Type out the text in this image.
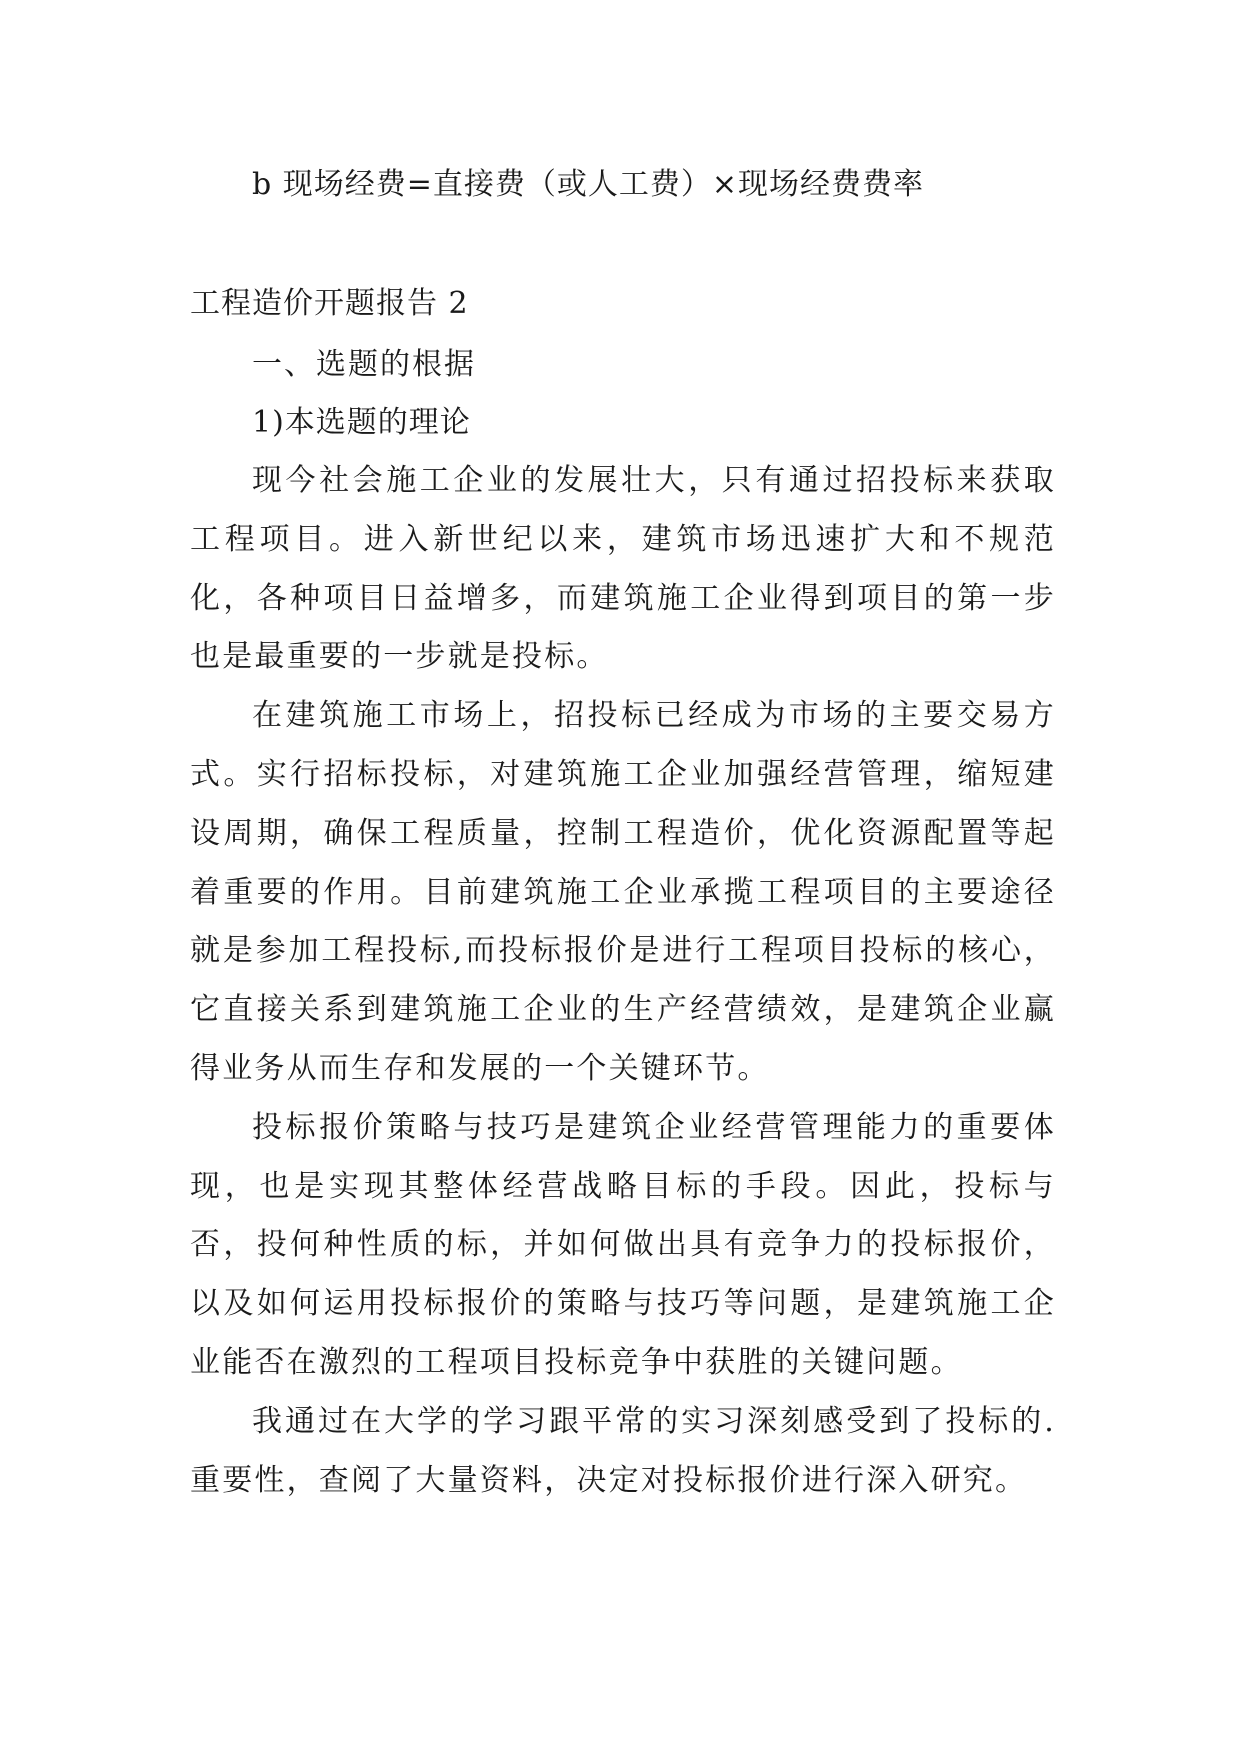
b 现场经费=直接费（或人工费）×现场经费费率
工程造价开题报告 2
一、选题的根据
1)本选题的理论

现今社会施工企业的发展壮大，只有通过招投标来获取工程项目。进入新世纪以来，建筑市场迅速扩大和不规范化，各种项目日益增多，而建筑施工企业得到项目的第一步也是最重要的一步就是投标。

在建筑施工市场上，招投标已经成为市场的主要交易方式。实行招标投标，对建筑施工企业加强经营管理，缩短建设周期，确保工程质量，控制工程造价，优化资源配置等起着重要的作用。目前建筑施工企业承揽工程项目的主要途径就是参加工程投标,而投标报价是进行工程项目投标的核心，它直接关系到建筑施工企业的生产经营绩效，是建筑企业赢得业务从而生存和发展的一个关键环节。

投标报价策略与技巧是建筑企业经营管理能力的重要体现，也是实现其整体经营战略目标的手段。因此，投标与否，投何种性质的标，并如何做出具有竞争力的投标报价，以及如何运用投标报价的策略与技巧等问题，是建筑施工企业能否在激烈的工程项目投标竞争中获胜的关键问题。

我通过在大学的学习跟平常的实习深刻感受到了投标的.重要性，查阅了大量资料，决定对投标报价进行深入研究。
